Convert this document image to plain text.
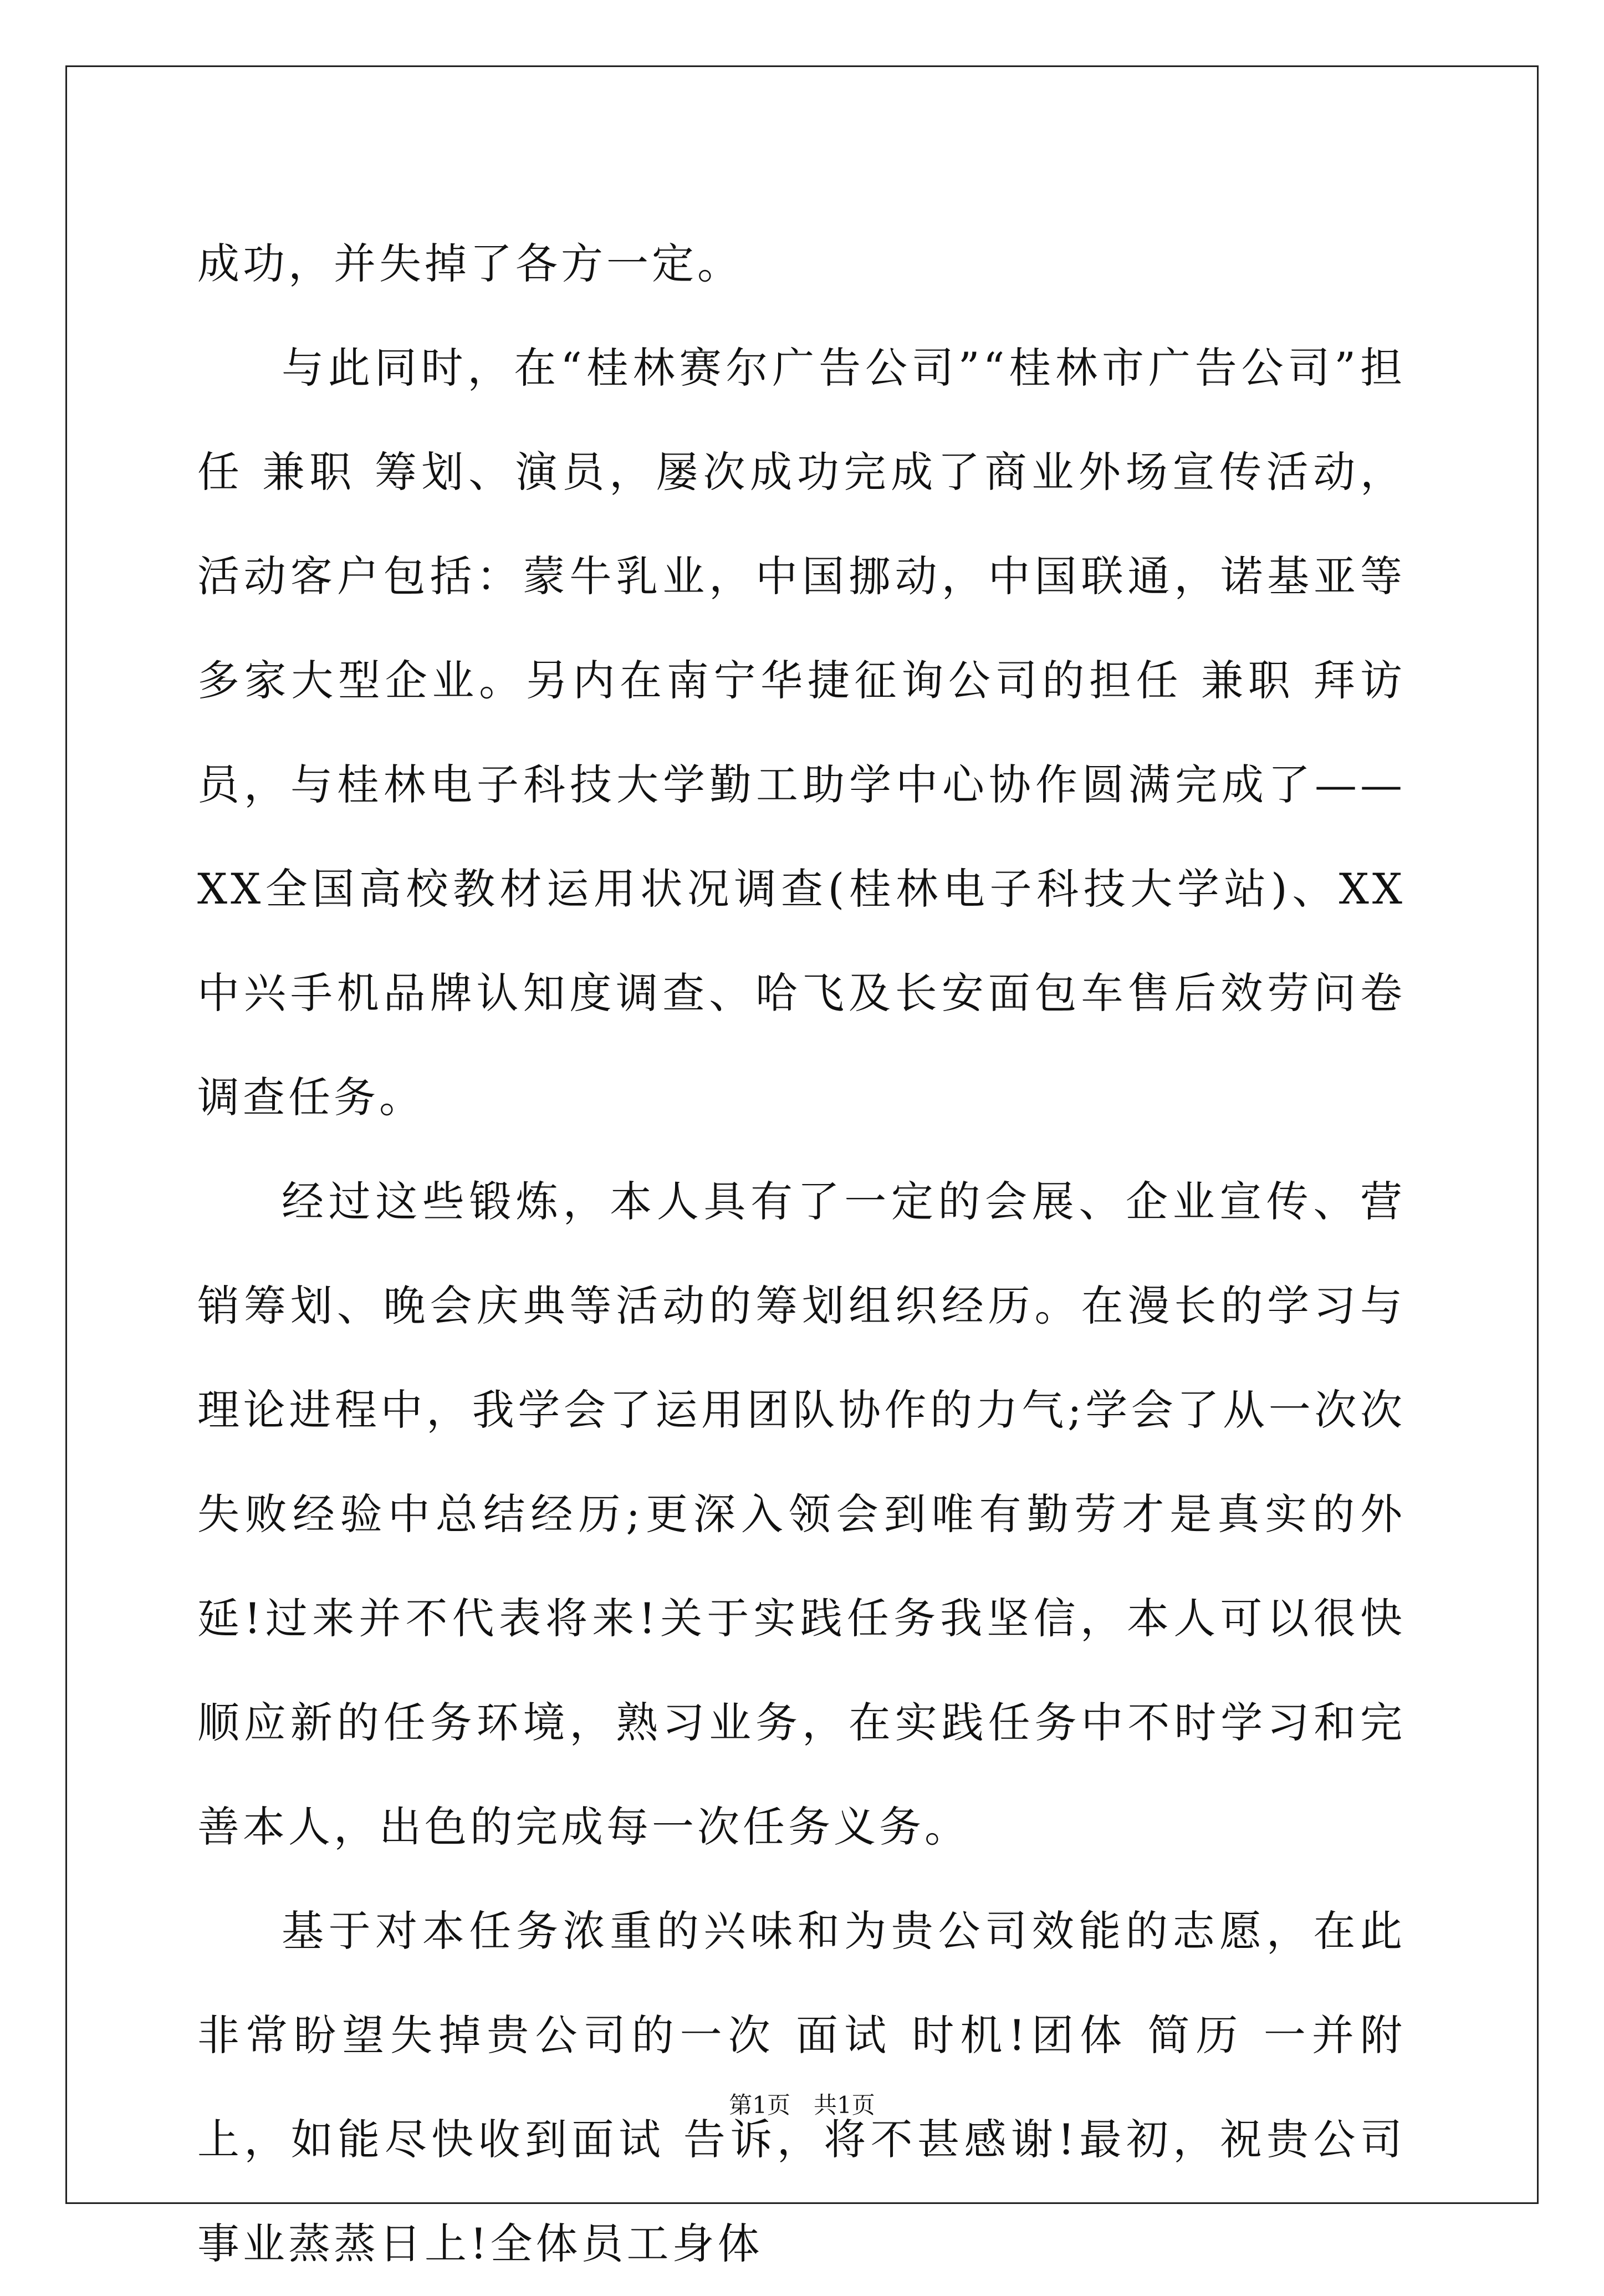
成功，并失掉了各方一定。

与此同时，在“桂林赛尔广告公司”“桂林市广告公司”担任 兼职 筹划、演员，屡次成功完成了商业外场宣传活动，活动客户包括：蒙牛乳业，中国挪动，中国联通，诺基亚等多家大型企业。另内在南宁华捷征询公司的担任 兼职 拜访员，与桂林电子科技大学勤工助学中心协作圆满完成了——XX全国高校教材运用状况调查(桂林电子科技大学站)、XX中兴手机品牌认知度调查、哈飞及长安面包车售后效劳问卷调查任务。

经过这些锻炼，本人具有了一定的会展、企业宣传、营销筹划、晚会庆典等活动的筹划组织经历。在漫长的学习与理论进程中，我学会了运用团队协作的力气;学会了从一次次失败经验中总结经历;更深入领会到唯有勤劳才是真实的外延!过来并不代表将来!关于实践任务我坚信，本人可以很快顺应新的任务环境，熟习业务，在实践任务中不时学习和完善本人，出色的完成每一次任务义务。

基于对本任务浓重的兴味和为贵公司效能的志愿，在此非常盼望失掉贵公司的一次 面试 时机!团体 简历 一并附上，如能尽快收到面试 告诉，将不甚感谢!最初，祝贵公司事业蒸蒸日上!全体员工身体

第1页　共1页
